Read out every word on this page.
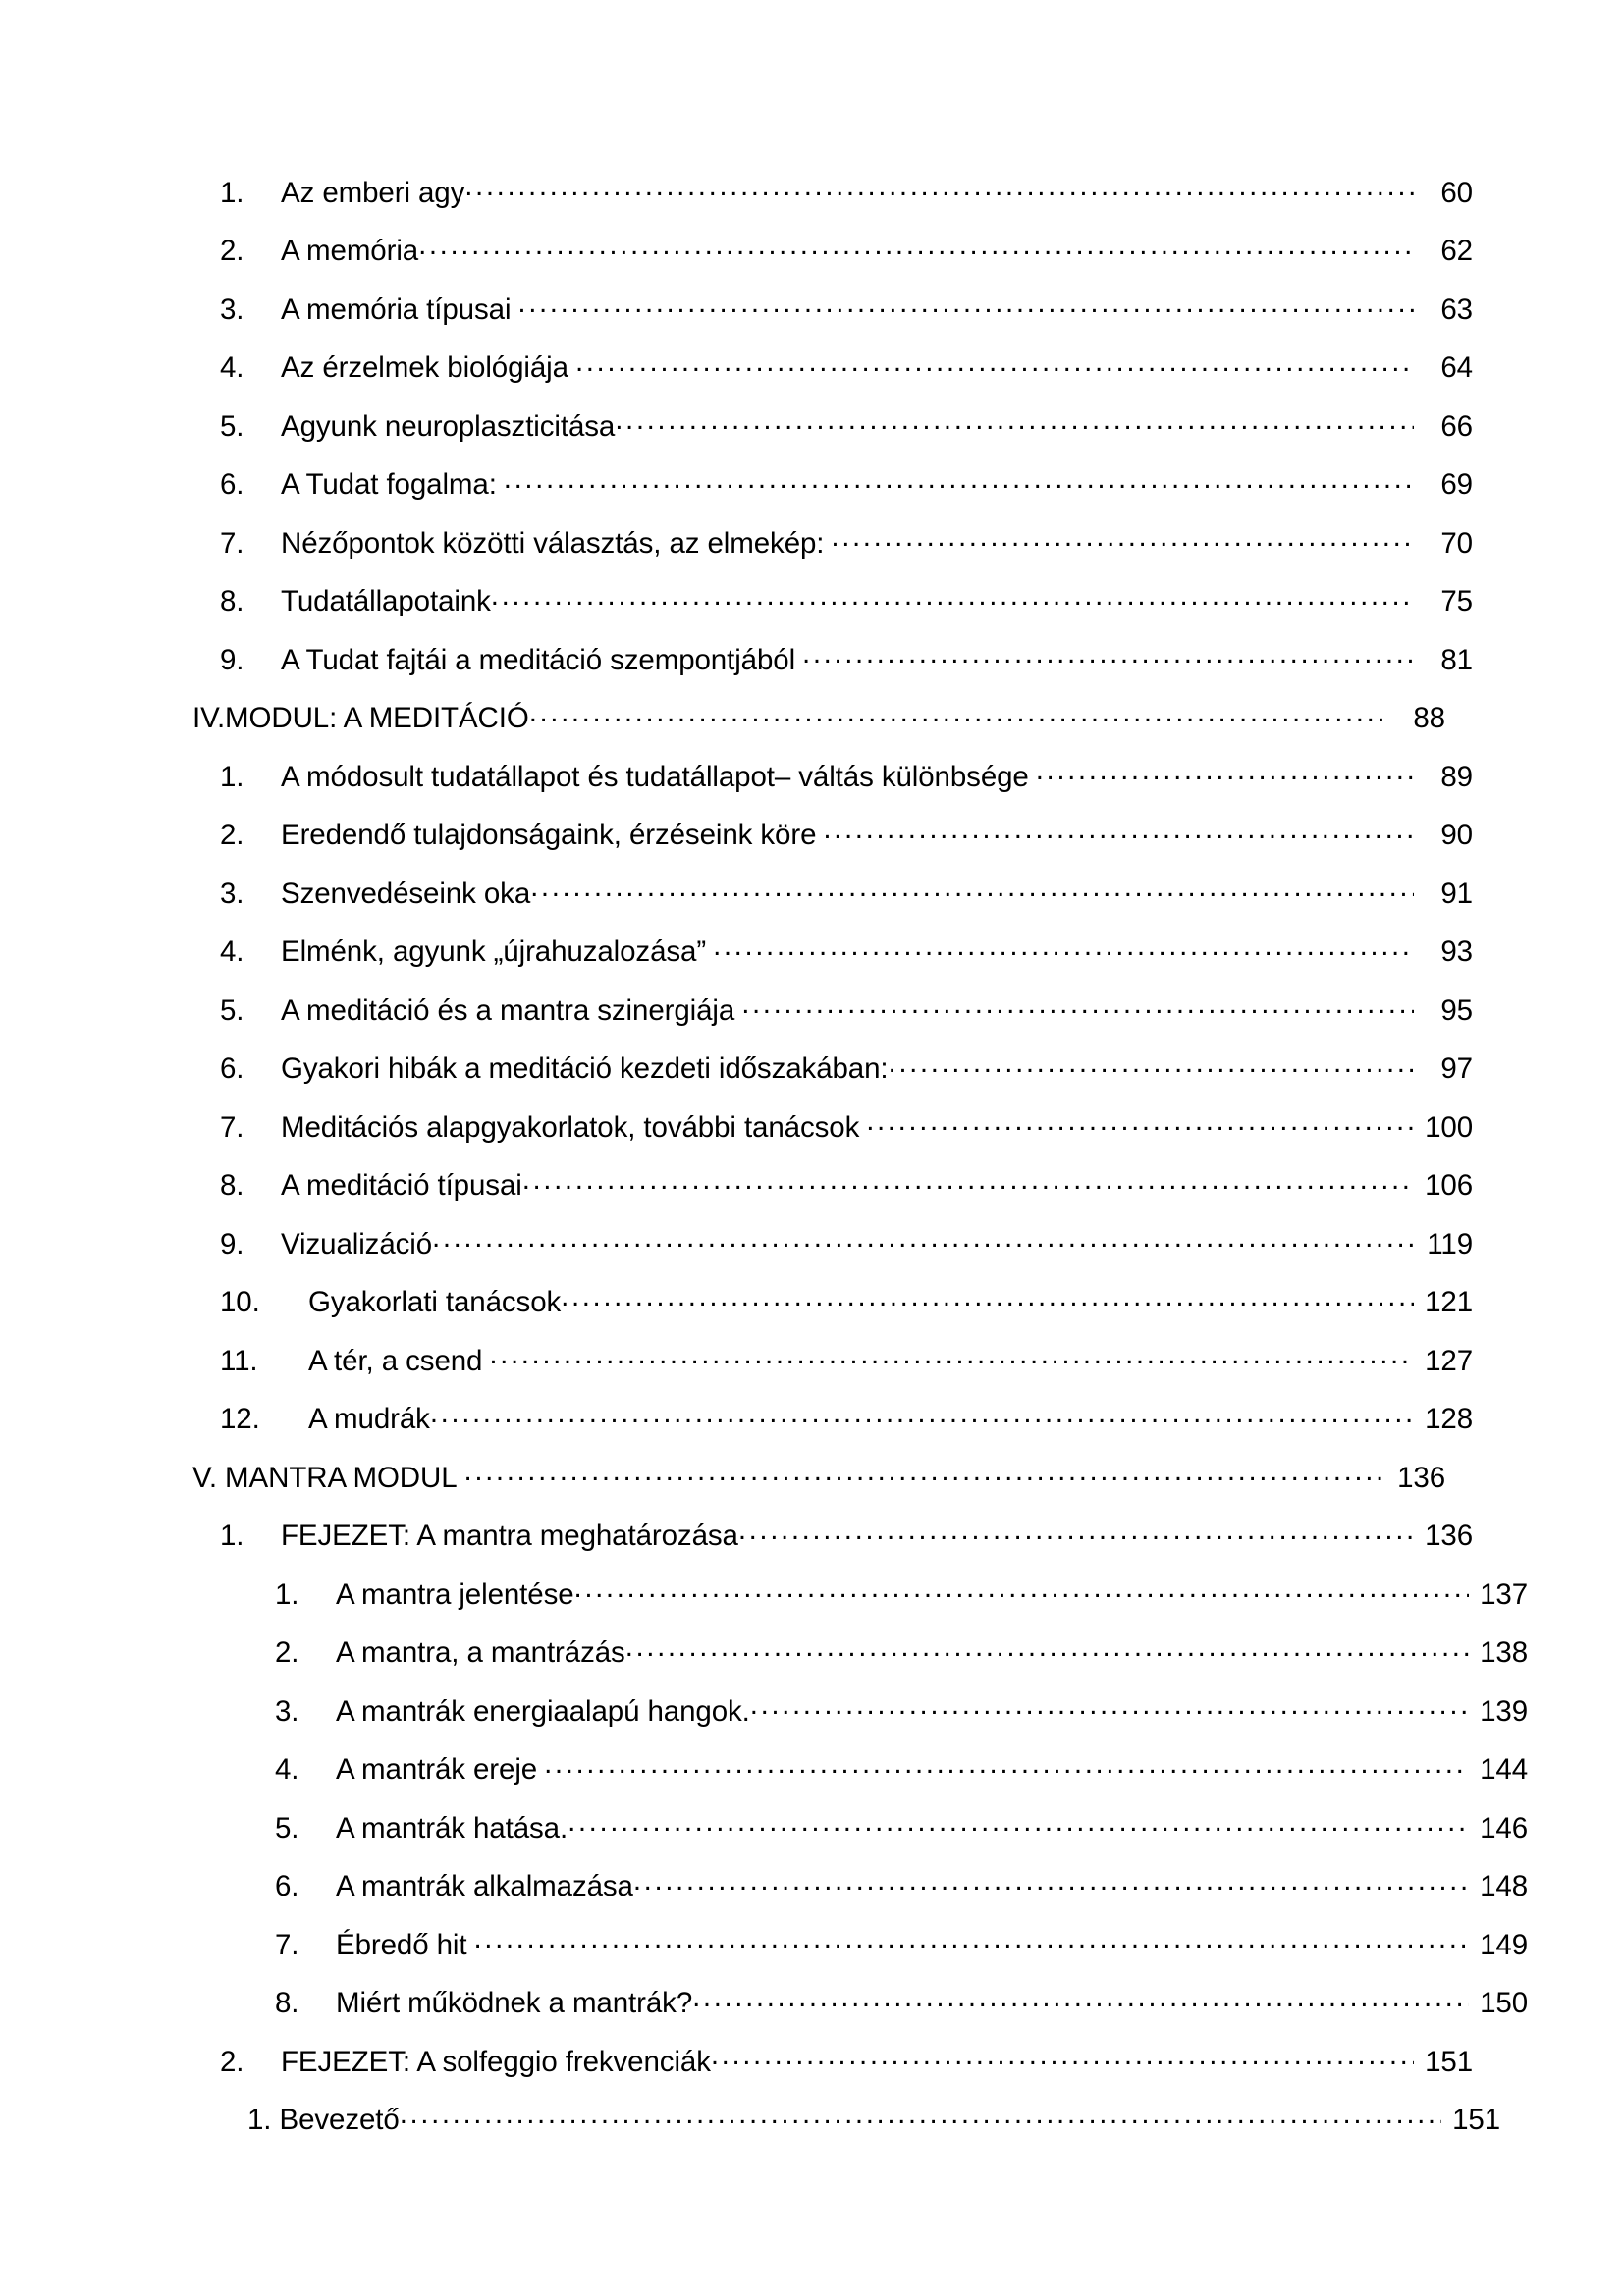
1.	Az emberi agy .....	60
2.	A memória .....	62
3.	A memória típusai .....	63
4.	Az érzelmek biológiája .....	64
5.	Agyunk neuroplaszticitása .....	66
6.	A Tudat fogalma: .....	69
7.	Nézőpontok közötti választás, az elmekép: .....	70
8.	Tudatállapotaink .....	75
9.	A Tudat fajtái a meditáció szempontjából .....	81
IV.MODUL: A MEDITÁCIÓ .....	88
1.	A módosult tudatállapot és tudatállapot– váltás különbsége .....	89
2.	Eredendő tulajdonságaink, érzéseink köre .....	90
3.	Szenvedéseink oka .....	91
4.	Elménk, agyunk „újrahuzalozása” .....	93
5.	A meditáció és a mantra szinergiája .....	95
6.	Gyakori hibák a meditáció kezdeti időszakában: .....	97
7.	Meditációs alapgyakorlatok, további tanácsok .....	100
8.	A meditáció típusai .....	106
9.	Vizualizáció .....	119
10.	Gyakorlati tanácsok .....	121
11.	A tér, a csend .....	127
12.	A mudrák .....	128
V. MANTRA MODUL .....	136
1.	FEJEZET: A mantra meghatározása .....	136
1.	A mantra jelentése .....	137
2.	A mantra, a mantrázás .....	138
3.	A mantrák energiaalapú hangok. .....	139
4.	A mantrák ereje .....	144
5.	A mantrák hatása. .....	146
6.	A mantrák alkalmazása .....	148
7.	Ébredő hit .....	149
8.	Miért működnek a mantrák? .....	150
2.	FEJEZET: A solfeggio frekvenciák .....	151
1. Bevezető .....	151
